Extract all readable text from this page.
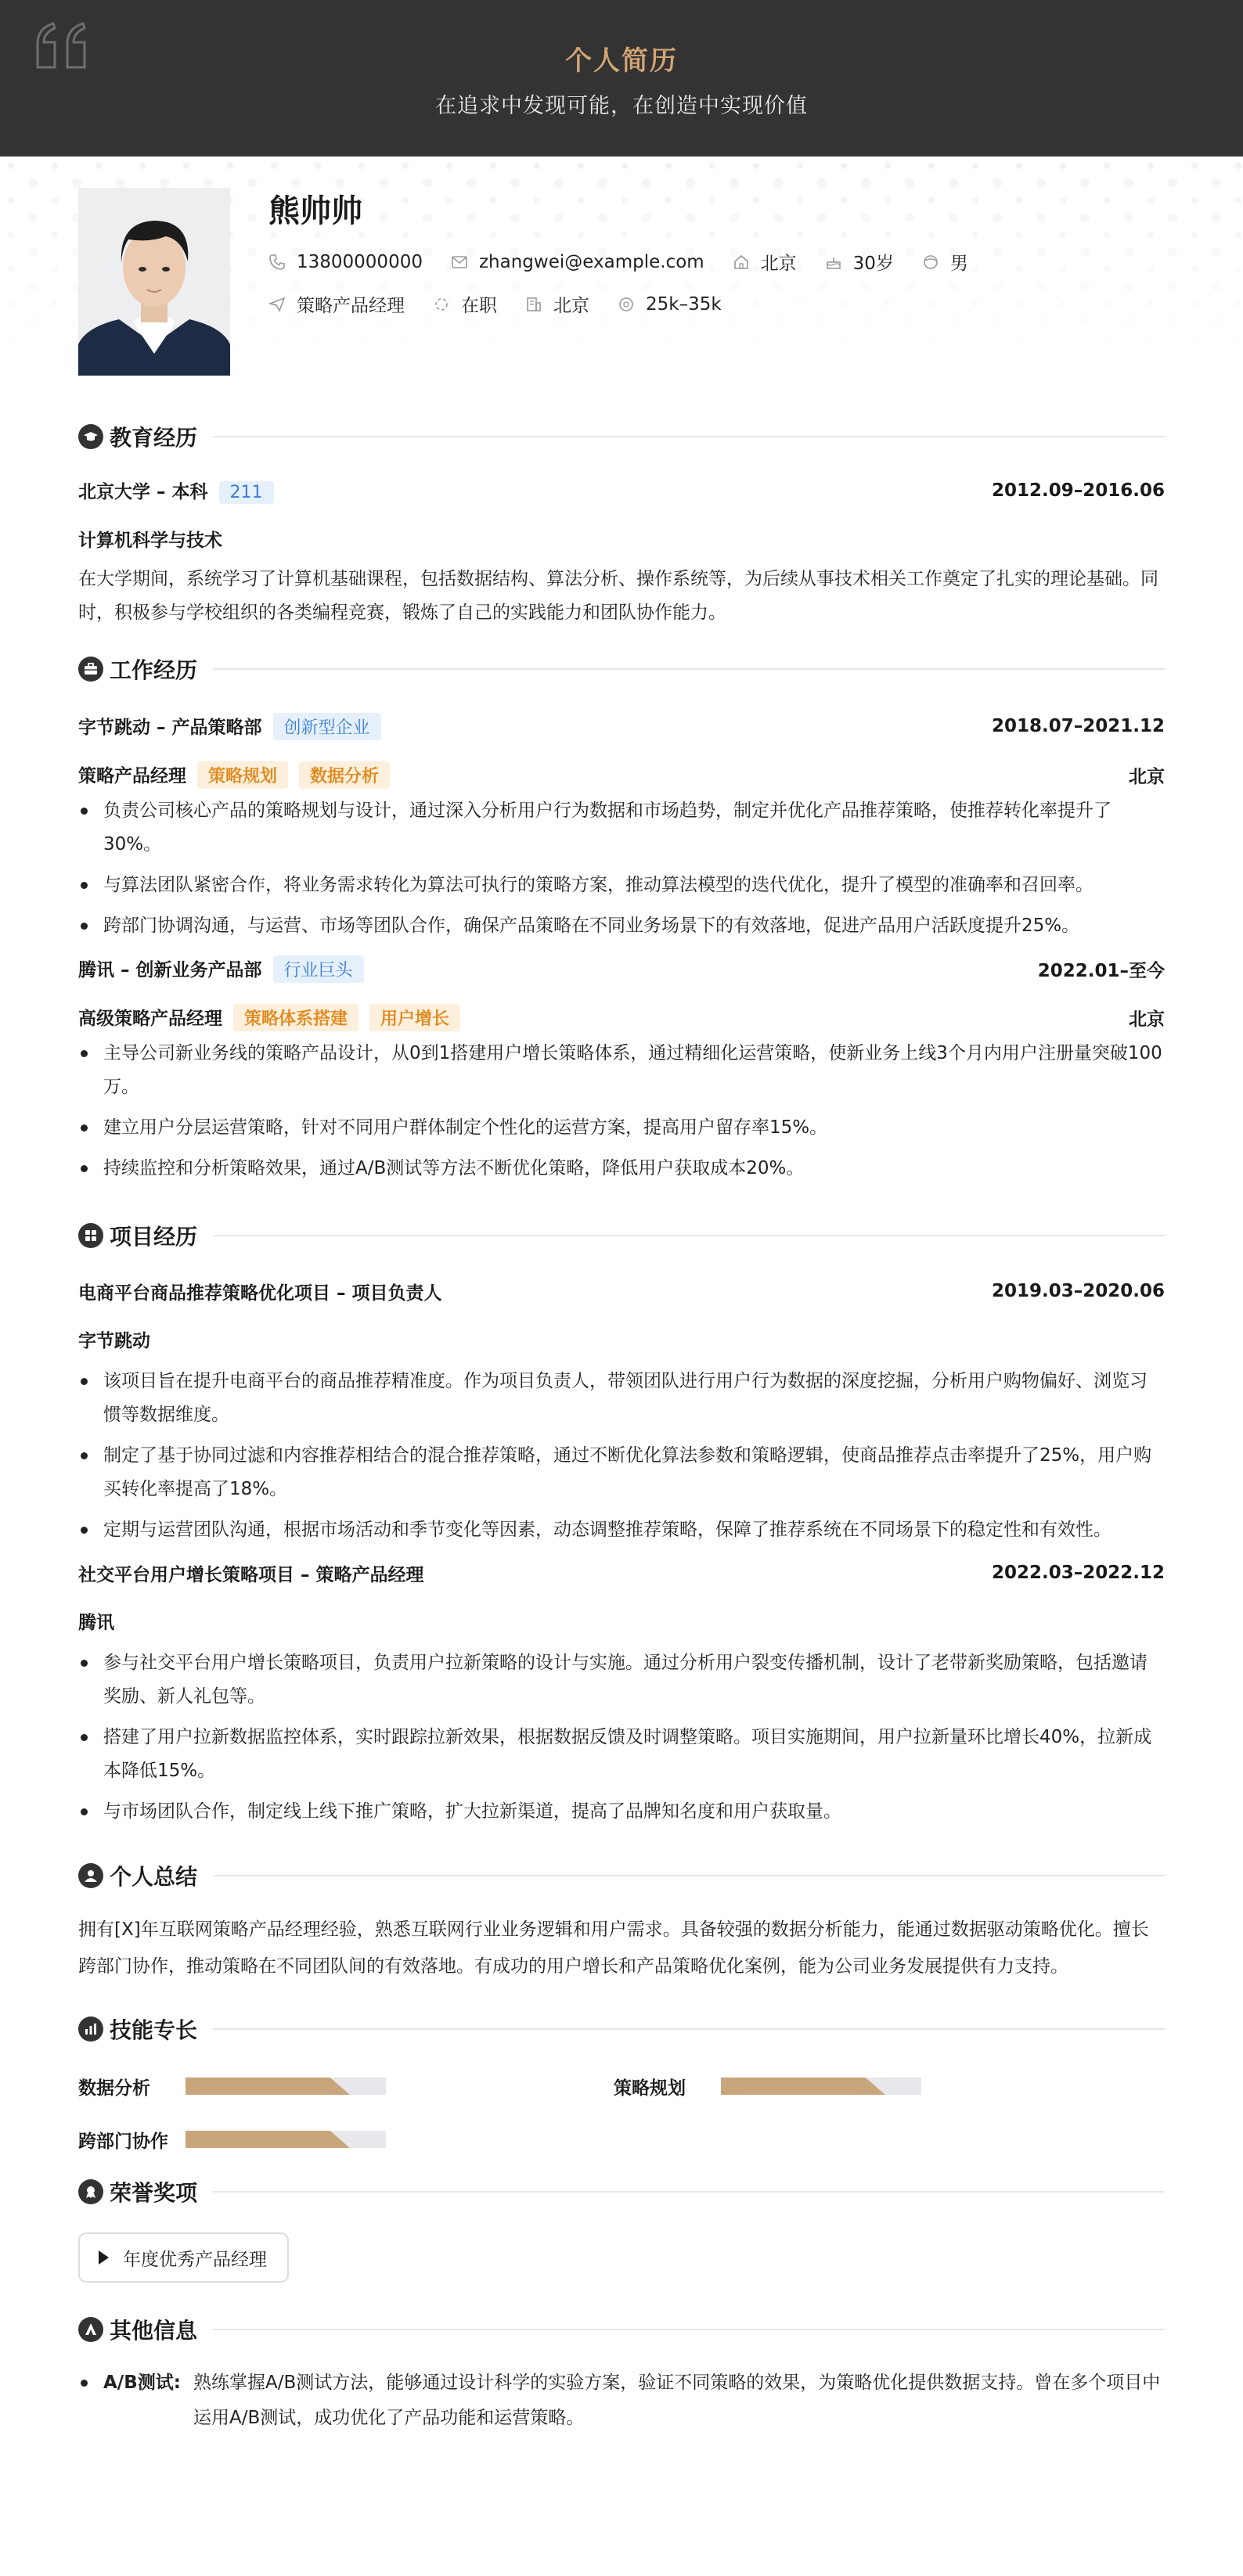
个人简历
在追求中发现可能，在创造中实现价值
熊帅帅
13800000000	zhangwei@example.com	北京	30岁	男
策略产品经理	在职	北京	25k–35k
教育经历
北京大学 – 本科 211	2012.09–2016.06
计算机科学与技术
在大学期间，系统学习了计算机基础课程，包括数据结构、算法分析、操作系统等，为后续从事技术相关工作奠定了扎实的理论基础。同时，积极参与学校组织的各类编程竞赛，锻炼了自己的实践能力和团队协作能力。
工作经历
字节跳动 – 产品策略部 创新型企业	2018.07–2021.12
策略产品经理 策略规划 数据分析	北京
负责公司核心产品的策略规划与设计，通过深入分析用户行为数据和市场趋势，制定并优化产品推荐策略，使推荐转化率提升了30%。
与算法团队紧密合作，将业务需求转化为算法可执行的策略方案，推动算法模型的迭代优化，提升了模型的准确率和召回率。
跨部门协调沟通，与运营、市场等团队合作，确保产品策略在不同业务场景下的有效落地，促进产品用户活跃度提升25%。
腾讯 – 创新业务产品部 行业巨头	2022.01–至今
高级策略产品经理 策略体系搭建 用户增长	北京
主导公司新业务线的策略产品设计，从0到1搭建用户增长策略体系，通过精细化运营策略，使新业务上线3个月内用户注册量突破100万。
建立用户分层运营策略，针对不同用户群体制定个性化的运营方案，提高用户留存率15%。
持续监控和分析策略效果，通过A/B测试等方法不断优化策略，降低用户获取成本20%。
项目经历
电商平台商品推荐策略优化项目 – 项目负责人	2019.03–2020.06
字节跳动
该项目旨在提升电商平台的商品推荐精准度。作为项目负责人，带领团队进行用户行为数据的深度挖掘，分析用户购物偏好、浏览习惯等数据维度。
制定了基于协同过滤和内容推荐相结合的混合推荐策略，通过不断优化算法参数和策略逻辑，使商品推荐点击率提升了25%，用户购买转化率提高了18%。
定期与运营团队沟通，根据市场活动和季节变化等因素，动态调整推荐策略，保障了推荐系统在不同场景下的稳定性和有效性。
社交平台用户增长策略项目 – 策略产品经理	2022.03–2022.12
腾讯
参与社交平台用户增长策略项目，负责用户拉新策略的设计与实施。通过分析用户裂变传播机制，设计了老带新奖励策略，包括邀请奖励、新人礼包等。
搭建了用户拉新数据监控体系，实时跟踪拉新效果，根据数据反馈及时调整策略。项目实施期间，用户拉新量环比增长40%，拉新成本降低15%。
与市场团队合作，制定线上线下推广策略，扩大拉新渠道，提高了品牌知名度和用户获取量。
个人总结
拥有[X]年互联网策略产品经理经验，熟悉互联网行业业务逻辑和用户需求。具备较强的数据分析能力，能通过数据驱动策略优化。擅长跨部门协作，推动策略在不同团队间的有效落地。有成功的用户增长和产品策略优化案例，能为公司业务发展提供有力支持。
技能专长
数据分析	策略规划
跨部门协作
荣誉奖项
年度优秀产品经理
其他信息
A/B测试: 熟练掌握A/B测试方法，能够通过设计科学的实验方案，验证不同策略的效果，为策略优化提供数据支持。曾在多个项目中运用A/B测试，成功优化了产品功能和运营策略。
